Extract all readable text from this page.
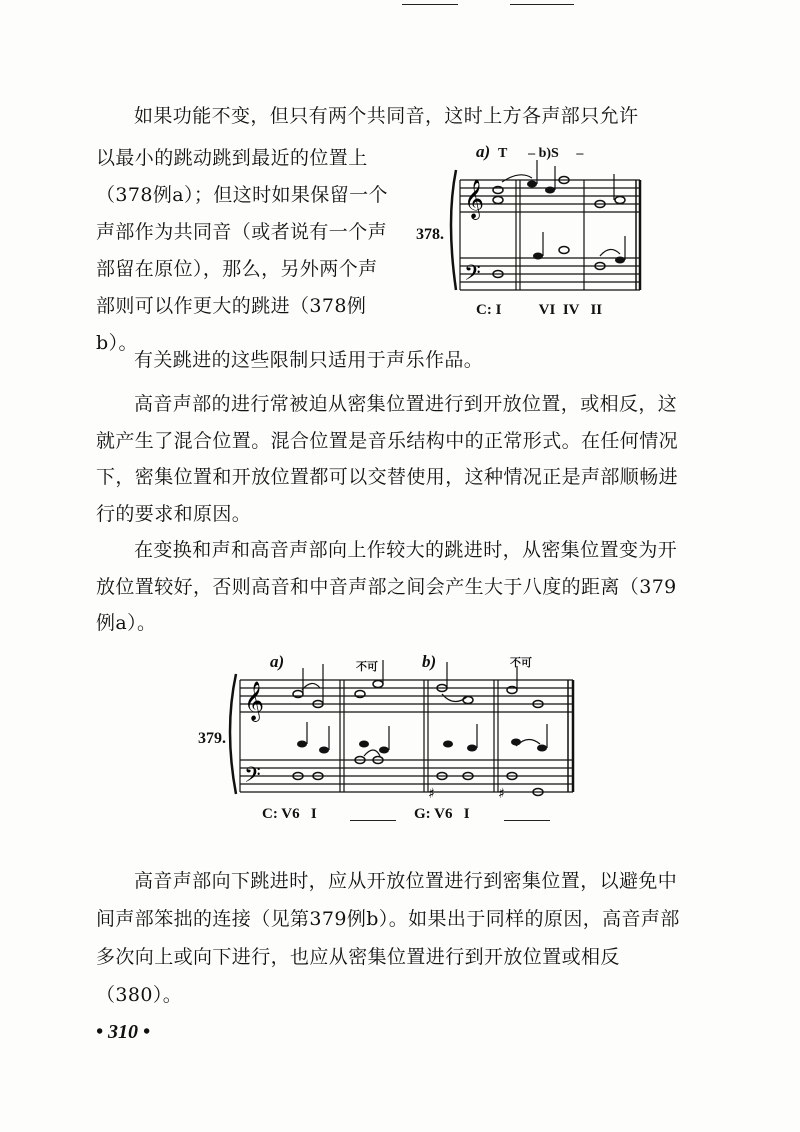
如果功能不变，但只有两个共同音，这时上方各声部只允许

以最小的跳动跳到最近的位置上（378例a）；但这时如果保留一个声部作为共同音（或者说有一个声部留在原位），那么，另外两个声部则可以作更大的跳进（378例b）。

378.
a) T      – b)S     –
𝄞
𝄢
C: I          VI  IV   II

有关跳进的这些限制只适用于声乐作品。

高音声部的进行常被迫从密集位置进行到开放位置，或相反，这就产生了混合位置。混合位置是音乐结构中的正常形式。在任何情况下，密集位置和开放位置都可以交替使用，这种情况正是声部顺畅进行的要求和原因。

在变换和声和高音声部向上作较大的跳进时，从密集位置变为开放位置较好，否则高音和中音声部之间会产生大于八度的距离（379例a）。

379.
a)	b)
不可	不可
𝄞
𝄢
♯	♯
C: V6   I	G: V6   I

高音声部向下跳进时，应从开放位置进行到密集位置，以避免中间声部笨拙的连接（见第379例b）。如果出于同样的原因，高音声部多次向上或向下进行，也应从密集位置进行到开放位置或相反（380）。

• 310 •
